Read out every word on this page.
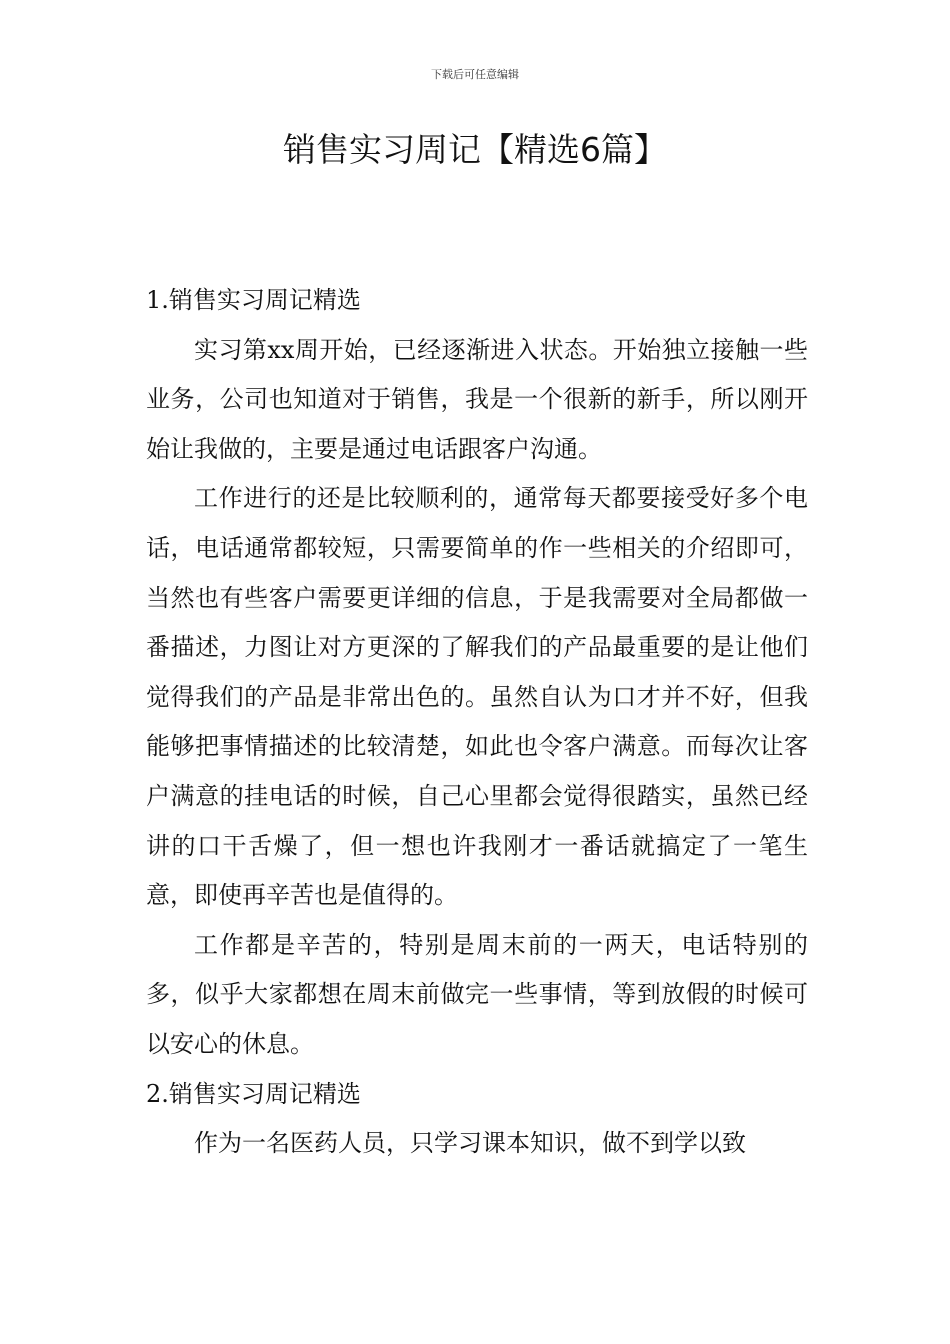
下载后可任意编辑
销售实习周记【精选6篇】
1.销售实习周记精选

实习第xx周开始，已经逐渐进入状态。开始独立接触一些业务，公司也知道对于销售，我是一个很新的新手，所以刚开始让我做的，主要是通过电话跟客户沟通。

工作进行的还是比较顺利的，通常每天都要接受好多个电话，电话通常都较短，只需要简单的作一些相关的介绍即可，当然也有些客户需要更详细的信息，于是我需要对全局都做一番描述，力图让对方更深的了解我们的产品最重要的是让他们觉得我们的产品是非常出色的。虽然自认为口才并不好，但我能够把事情描述的比较清楚，如此也令客户满意。而每次让客户满意的挂电话的时候，自己心里都会觉得很踏实，虽然已经讲的口干舌燥了，但一想也许我刚才一番话就搞定了一笔生意，即使再辛苦也是值得的。

工作都是辛苦的，特别是周末前的一两天，电话特别的多，似乎大家都想在周末前做完一些事情，等到放假的时候可以安心的休息。

2.销售实习周记精选

作为一名医药人员，只学习课本知识，做不到学以致
